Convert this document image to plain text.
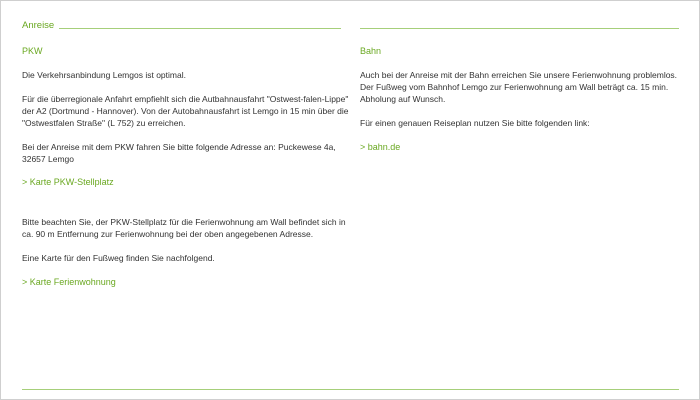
Anreise
PKW

Die Verkehrsanbindung Lemgos ist optimal.

Für die überregionale Anfahrt empfiehlt sich die Autbahnausfahrt "Ostwest-falen-Lippe" der A2 (Dortmund - Hannover). Von der Autobahnausfahrt ist Lemgo in 15 min über die "Ostwestfalen Straße" (L 752) zu erreichen.

Bei der Anreise mit dem PKW fahren Sie bitte folgende Adresse an: Puckewese 4a, 32657 Lemgo

> Karte PKW-Stellplatz

Bitte beachten Sie, der PKW-Stellplatz für die Ferienwohnung am Wall befindet sich in ca. 90 m Entfernung zur Ferienwohnung bei der oben angegebenen Adresse.

Eine Karte für den Fußweg finden Sie nachfolgend.

> Karte Ferienwohnung

Bahn

Auch bei der Anreise mit der Bahn erreichen Sie unsere Ferienwohnung problemlos. Der Fußweg vom Bahnhof Lemgo zur Ferienwohnung am Wall beträgt ca. 15 min. Abholung auf Wunsch.

Für einen genauen Reiseplan nutzen Sie bitte folgenden link:

> bahn.de
